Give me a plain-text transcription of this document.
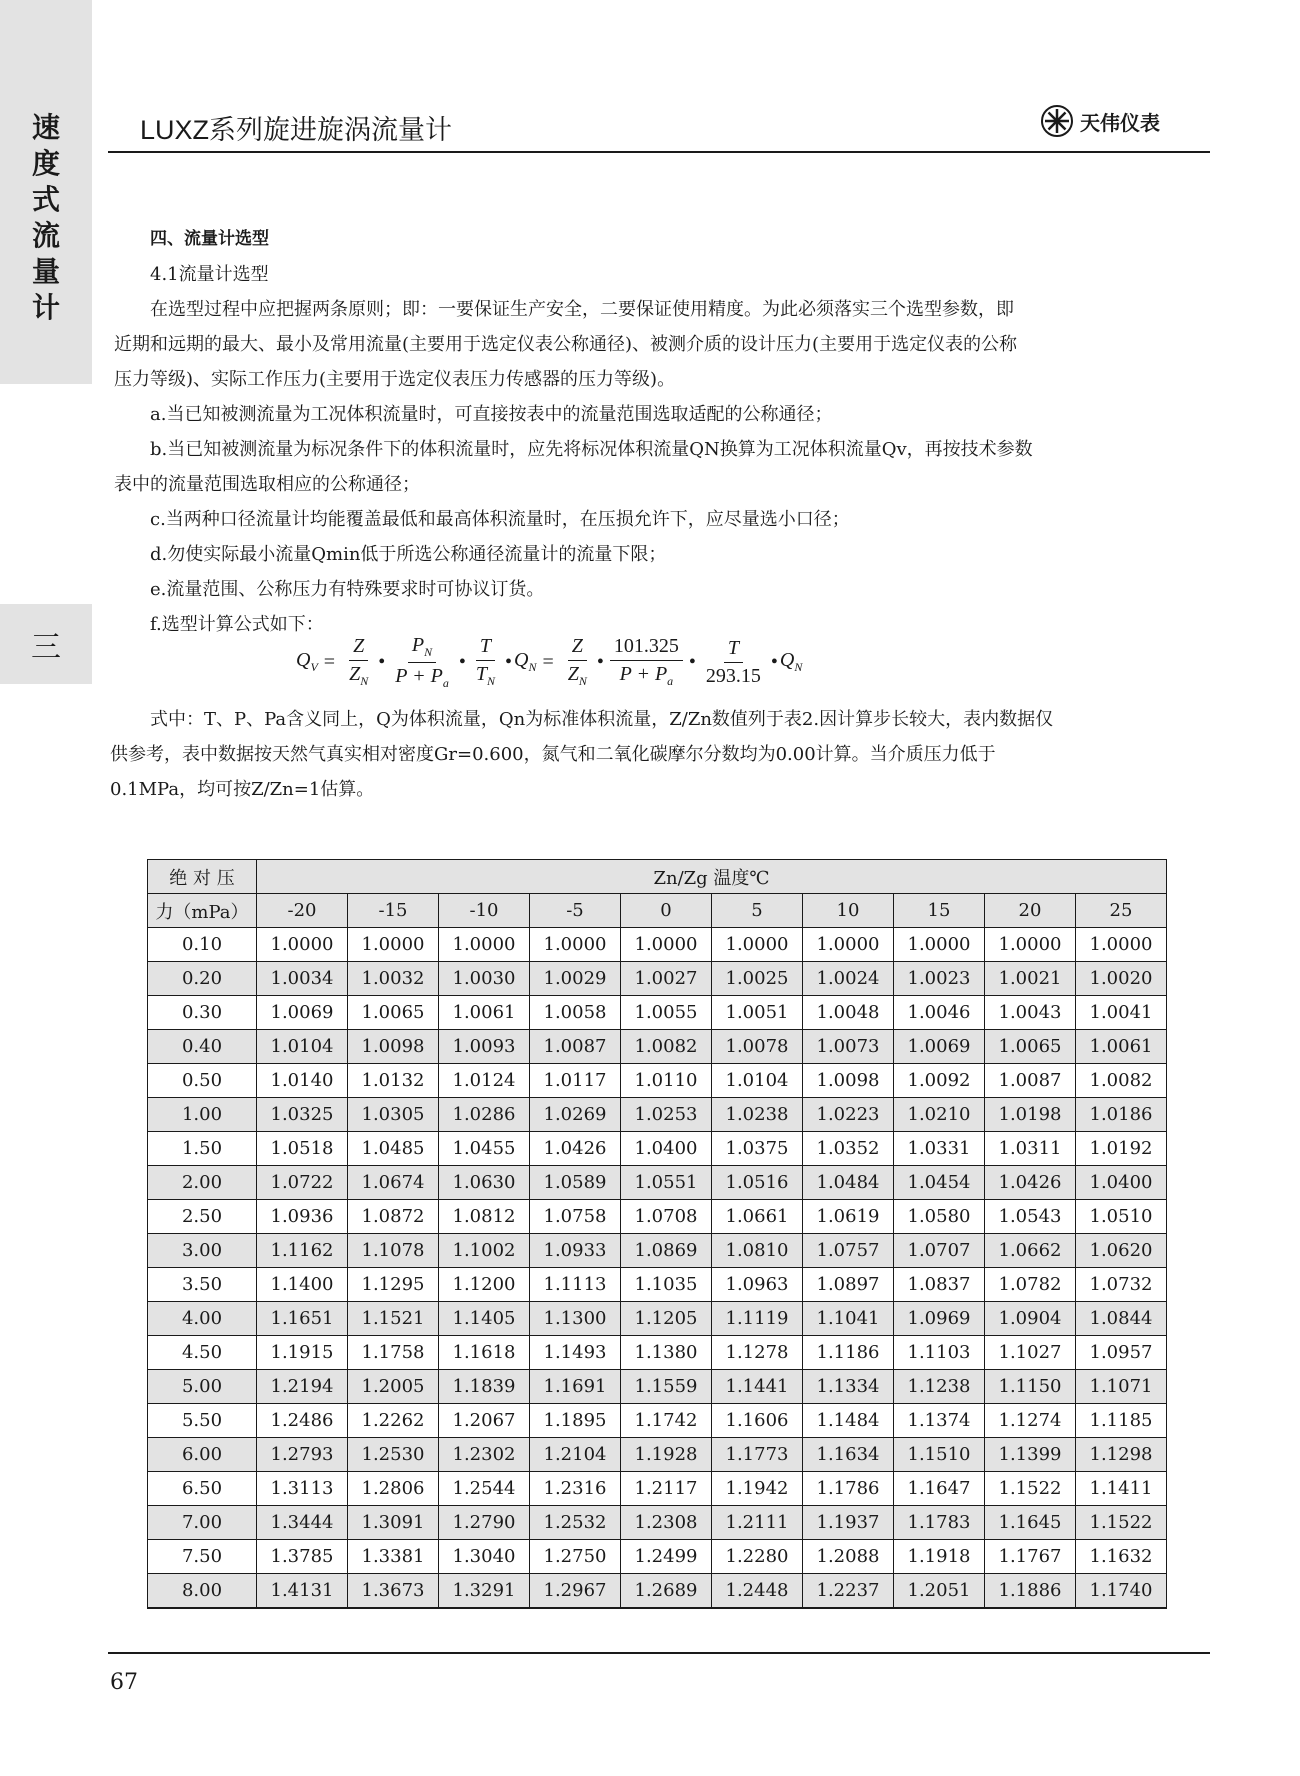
速
度
式
流
量
计
三
LUXZ系列旋进旋涡流量计	天伟仪表

四、流量计选型

4.1流量计选型

在选型过程中应把握两条原则；即：一要保证生产安全，二要保证使用精度。为此必须落实三个选型参数，即

近期和远期的最大、最小及常用流量(主要用于选定仪表公称通径)、被测介质的设计压力(主要用于选定仪表的公称

压力等级)、实际工作压力(主要用于选定仪表压力传感器的压力等级)。

a.当已知被测流量为工况体积流量时，可直接按表中的流量范围选取适配的公称通径；

b.当已知被测流量为标况条件下的体积流量时，应先将标况体积流量QN换算为工况体积流量Qv，再按技术参数

表中的流量范围选取相应的公称通径；

c.当两种口径流量计均能覆盖最低和最高体积流量时，在压损允许下，应尽量选小口径；

d.勿使实际最小流量Qmin低于所选公称通径流量计的流量下限；

e.流量范围、公称压力有特殊要求时可协议订货。

f.选型计算公式如下：

$Q_V = \frac{Z}{Z_N}$ • $\frac{P_N}{P + P_a}$ • $\frac{T}{T_N}$ • $Q_N = \frac{Z}{Z_N}$ • $\frac{101.325}{P + P_a}$ • $\frac{T}{293.15}$ • $Q_N$

式中：T、P、Pa含义同上，Q为体积流量，Qn为标准体积流量，Z/Zn数值列于表2.因计算步长较大，表内数据仅

供参考，表中数据按天然气真实相对密度Gr=0.600，氮气和二氧化碳摩尔分数均为0.00计算。当介质压力低于

0.1MPa，均可按Z/Zn=1估算。

绝 对 压	Zn/Zg 温度℃									
力（mPa）	-20	-15	-10	-5	0	5	10	15	20	25
0.10	1.0000	1.0000	1.0000	1.0000	1.0000	1.0000	1.0000	1.0000	1.0000	1.0000
0.20	1.0034	1.0032	1.0030	1.0029	1.0027	1.0025	1.0024	1.0023	1.0021	1.0020
0.30	1.0069	1.0065	1.0061	1.0058	1.0055	1.0051	1.0048	1.0046	1.0043	1.0041
0.40	1.0104	1.0098	1.0093	1.0087	1.0082	1.0078	1.0073	1.0069	1.0065	1.0061
0.50	1.0140	1.0132	1.0124	1.0117	1.0110	1.0104	1.0098	1.0092	1.0087	1.0082
1.00	1.0325	1.0305	1.0286	1.0269	1.0253	1.0238	1.0223	1.0210	1.0198	1.0186
1.50	1.0518	1.0485	1.0455	1.0426	1.0400	1.0375	1.0352	1.0331	1.0311	1.0192
2.00	1.0722	1.0674	1.0630	1.0589	1.0551	1.0516	1.0484	1.0454	1.0426	1.0400
2.50	1.0936	1.0872	1.0812	1.0758	1.0708	1.0661	1.0619	1.0580	1.0543	1.0510
3.00	1.1162	1.1078	1.1002	1.0933	1.0869	1.0810	1.0757	1.0707	1.0662	1.0620
3.50	1.1400	1.1295	1.1200	1.1113	1.1035	1.0963	1.0897	1.0837	1.0782	1.0732
4.00	1.1651	1.1521	1.1405	1.1300	1.1205	1.1119	1.1041	1.0969	1.0904	1.0844
4.50	1.1915	1.1758	1.1618	1.1493	1.1380	1.1278	1.1186	1.1103	1.1027	1.0957
5.00	1.2194	1.2005	1.1839	1.1691	1.1559	1.1441	1.1334	1.1238	1.1150	1.1071
5.50	1.2486	1.2262	1.2067	1.1895	1.1742	1.1606	1.1484	1.1374	1.1274	1.1185
6.00	1.2793	1.2530	1.2302	1.2104	1.1928	1.1773	1.1634	1.1510	1.1399	1.1298
6.50	1.3113	1.2806	1.2544	1.2316	1.2117	1.1942	1.1786	1.1647	1.1522	1.1411
7.00	1.3444	1.3091	1.2790	1.2532	1.2308	1.2111	1.1937	1.1783	1.1645	1.1522
7.50	1.3785	1.3381	1.3040	1.2750	1.2499	1.2280	1.2088	1.1918	1.1767	1.1632
8.00	1.4131	1.3673	1.3291	1.2967	1.2689	1.2448	1.2237	1.2051	1.1886	1.1740
67
